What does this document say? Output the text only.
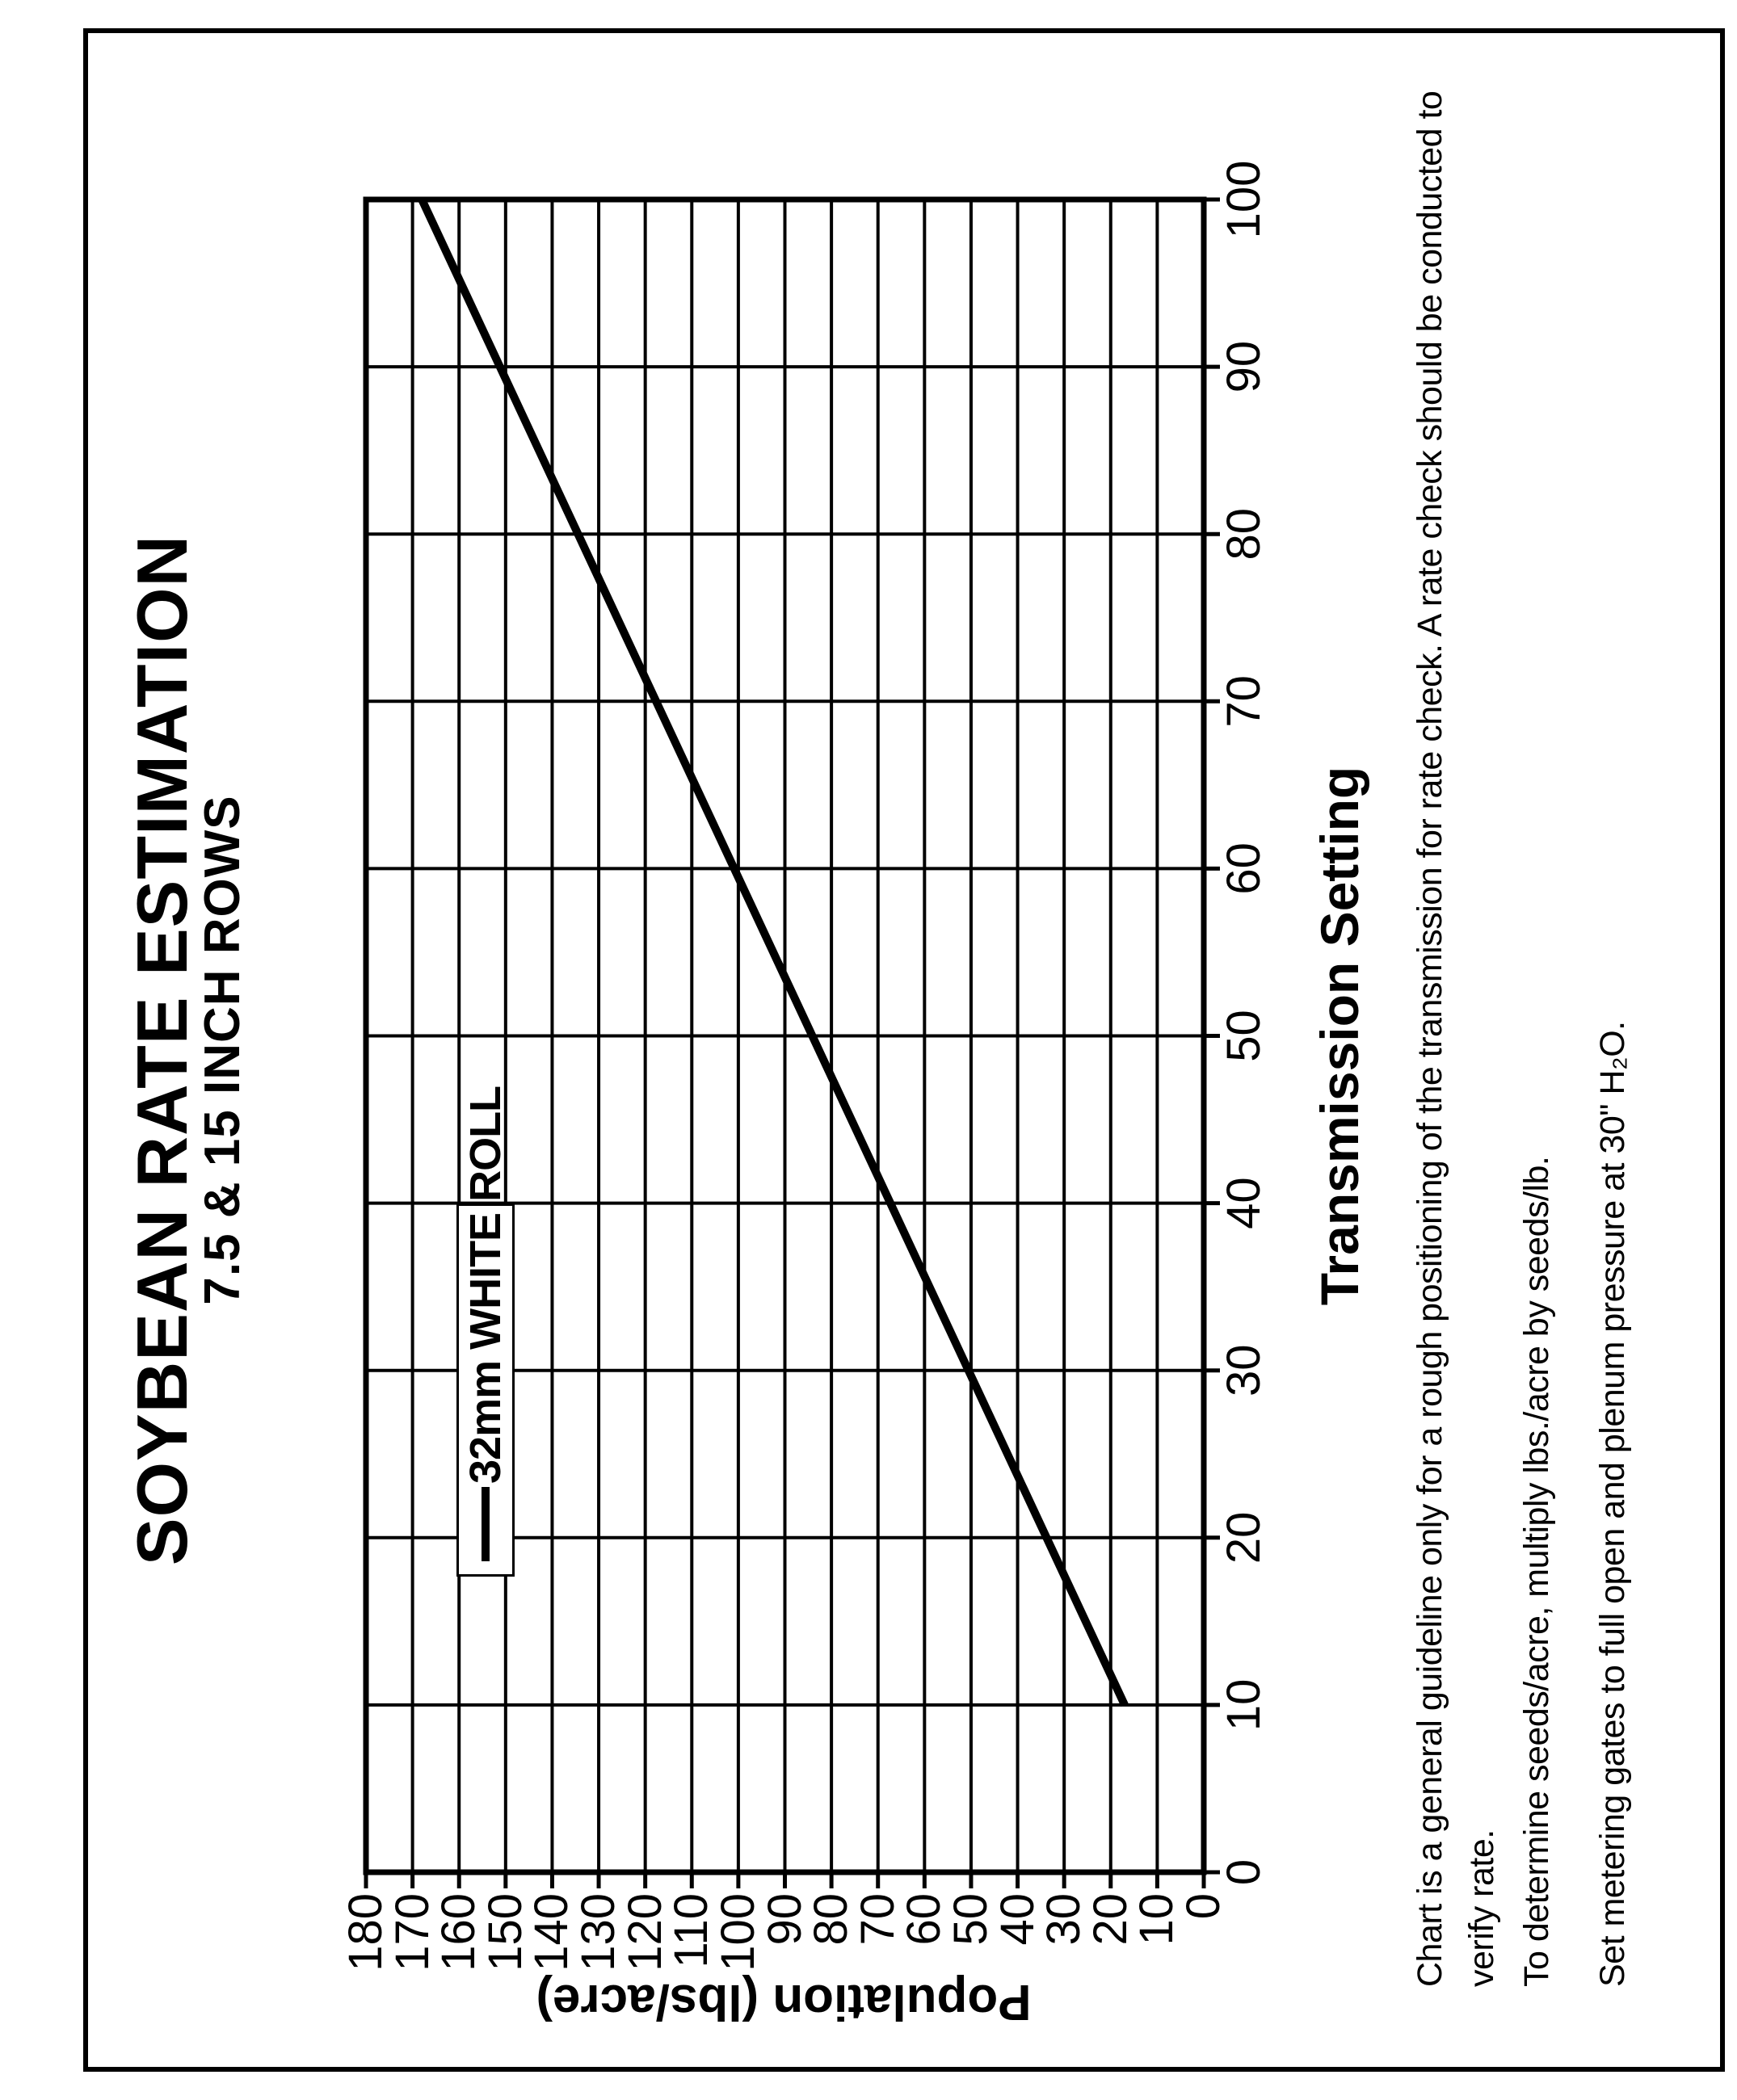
SOYBEAN RATE ESTIMATION
7.5 & 15 INCH ROWS
0
10
20
30
40
50
60
70
80
90
100
0
10
20
30
40
50
60
70
80
90
100
110
120
130
140
150
160
170
180
Transmission Setting
Population (lbs/acre)
32mm WHITE ROLL	Chart is a general guideline only for a rough positioning of the transmission for rate check. A rate check should be conducted to verify rate. To determine seeds/acre, multiply lbs./acre by seeds/lb. Set metering gates to full open and plenum pressure at 30" H₂O.
